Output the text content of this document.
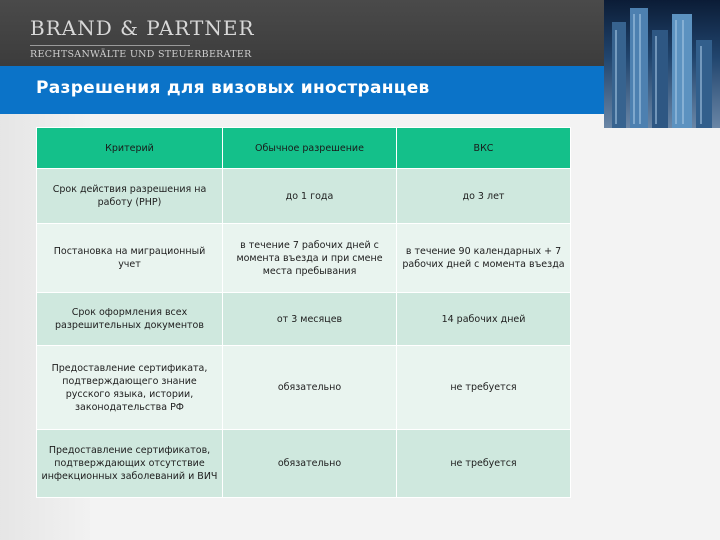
BRAND & PARTNER
RECHTSANWÄLTE UND STEUERBERATER
Разрешения для визовых иностранцев
Критерий	Обычное разрешение	ВКС
Срок действия разрешения на работу (PHP)	до 1 года	до 3 лет
Постановка на миграционный учет	в течение 7 рабочих дней с момента въезда и при смене места пребывания	в течение 90 календарных + 7 рабочих дней с момента въезда
Срок оформления всех разрешительных документов	от 3 месяцев	14 рабочих дней
Предоставление сертификата, подтверждающего знание русского языка, истории, законодательства РФ	обязательно	не требуется
Предоставление сертификатов, подтверждающих отсутствие инфекционных заболеваний и ВИЧ	обязательно	не требуется
